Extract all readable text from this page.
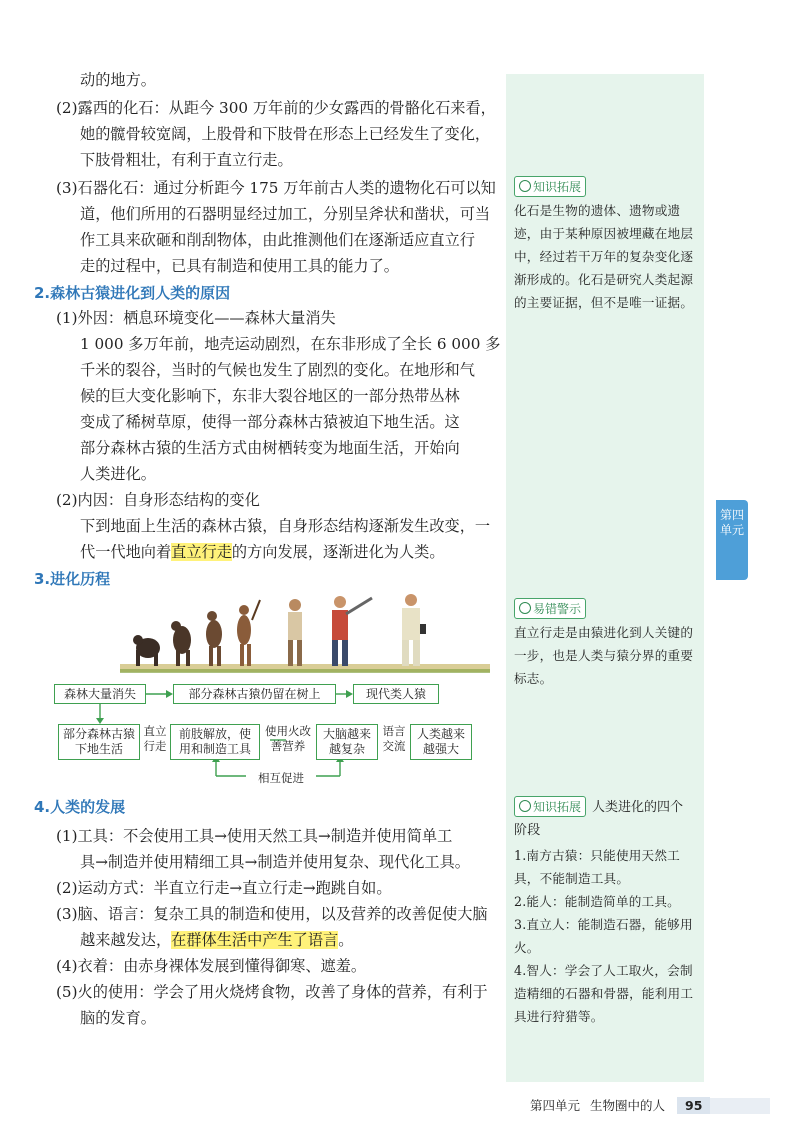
第四
单元
动的地方。
(2)露西的化石：从距今 300 万年前的少女露西的骨骼化石来看，
她的髋骨较宽阔，上股骨和下肢骨在形态上已经发生了变化，
下肢骨粗壮，有利于直立行走。
(3)石器化石：通过分析距今 175 万年前古人类的遗物化石可以知
道，他们所用的石器明显经过加工，分别呈斧状和凿状，可当
作工具来砍砸和削刮物体，由此推测他们在逐渐适应直立行
走的过程中，已具有制造和使用工具的能力了。
2.森林古猿进化到人类的原因
(1)外因：栖息环境变化——森林大量消失
1 000 多万年前，地壳运动剧烈，在东非形成了全长 6 000 多
千米的裂谷，当时的气候也发生了剧烈的变化。在地形和气
候的巨大变化影响下，东非大裂谷地区的一部分热带丛林
变成了稀树草原，使得一部分森林古猿被迫下地生活。这
部分森林古猿的生活方式由树栖转变为地面生活，开始向
人类进化。
(2)内因：自身形态结构的变化
下到地面上生活的森林古猿，自身形态结构逐渐发生改变，一
代一代地向着直立行走的方向发展，逐渐进化为人类。
3.进化历程
森林大量消失	部分森林古猿仍留在树上	现代类人猿
部分森林古猿下地生活
直立行走
前肢解放，使用和制造工具
使用火改善营养
大脑越来越复杂
语言交流
人类越来越强大
相互促进
4.人类的发展
(1)工具：不会使用工具→使用天然工具→制造并使用简单工
具→制造并使用精细工具→制造并使用复杂、现代化工具。
(2)运动方式：半直立行走→直立行走→跑跳自如。
(3)脑、语言：复杂工具的制造和使用，以及营养的改善促使大脑
越来越发达，在群体生活中产生了语言。
(4)衣着：由赤身裸体发展到懂得御寒、遮羞。
(5)火的使用：学会了用火烧烤食物，改善了身体的营养，有利于
脑的发育。
知识拓展

化石是生物的遗体、遗物或遗迹，由于某种原因被埋藏在地层中，经过若干万年的复杂变化逐渐形成的。化石是研究人类起源的主要证据，但不是唯一证据。

易错警示

直立行走是由猿进化到人关键的一步，也是人类与猿分界的重要标志。

知识拓展 人类进化的四个
阶段

1.南方古猿：只能使用天然工具，不能制造工具。

2.能人：能制造简单的工具。

3.直立人：能制造石器，能够用火。

4.智人：学会了人工取火，会制造精细的石器和骨器，能利用工具进行狩猎等。

第四单元 生物圈中的人	95
